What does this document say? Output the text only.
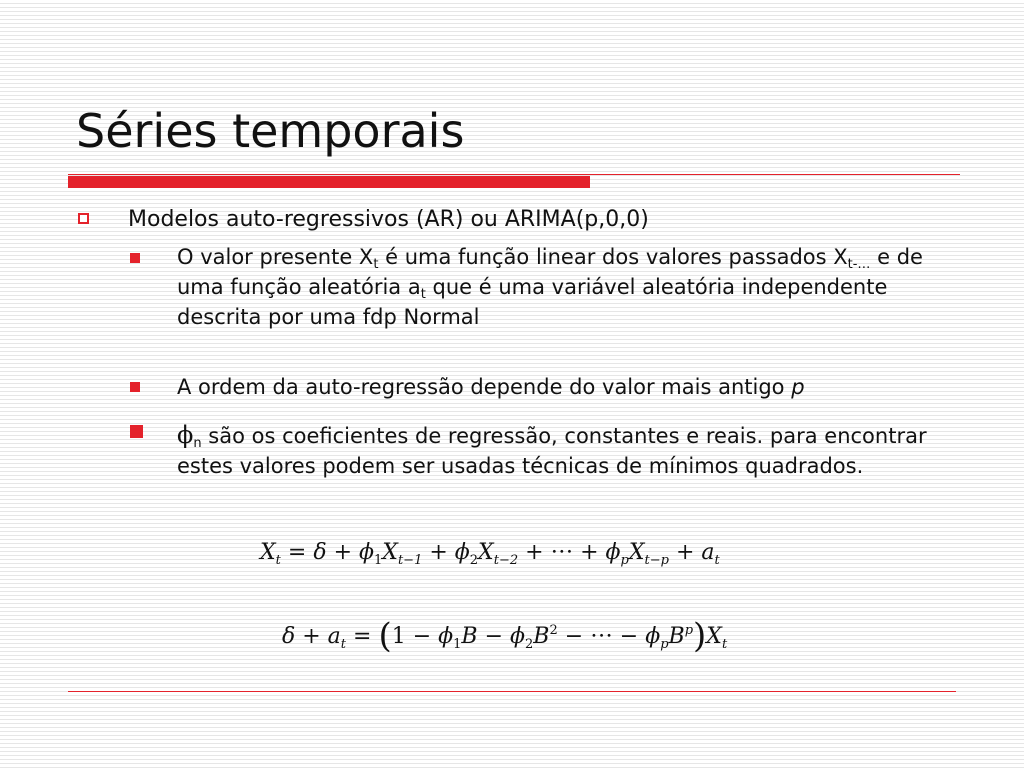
Séries temporais
Modelos auto-regressivos (AR) ou ARIMA(p,0,0)
O valor presente $X_t$ é uma função linear dos valores passados $X_{t-\dots}$ e de uma função aleatória $a_t$ que é uma variável aleatória independente descrita por uma fdp Normal
A ordem da auto-regressão depende do valor mais antigo p
$\phi_n$ são os coeficientes de regressão, constantes e reais. para encontrar estes valores podem ser usadas técnicas de mínimos quadrados.
$X_t = \delta + \phi_1X_{t-1} + \phi_2X_{t-2}$ + ⋅⋅⋅ + $\phi_pX_{t-p} + a_t$
$\delta + a_t = (1 - \phi_1B - \phi_2B^2$ − ⋅⋅⋅ − $\phi_pB^p)X_t$
